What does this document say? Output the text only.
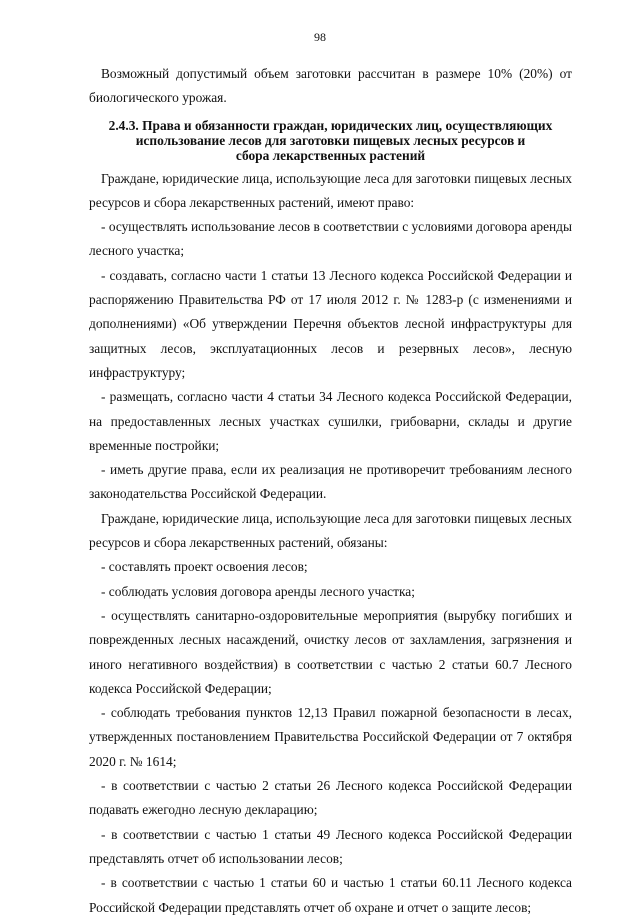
98

Возможный допустимый объем заготовки рассчитан в размере 10% (20%) от биологического урожая.

2.4.3. Права и обязанности граждан, юридических лиц, осуществляющих
использование лесов для заготовки пищевых лесных ресурсов и
сбора лекарственных растений

Граждане, юридические лица, использующие леса для заготовки пищевых лесных ресурсов и сбора лекарственных растений, имеют право:

- осуществлять использование лесов в соответствии с условиями договора аренды лесного участка;

- создавать, согласно части 1 статьи 13 Лесного кодекса Российской Федерации и распоряжению Правительства РФ от 17 июля 2012 г. № 1283-р (с изменениями и дополнениями) «Об утверждении Перечня объектов лесной инфраструктуры для защитных лесов, эксплуатационных лесов и резервных лесов», лесную инфраструктуру;

- размещать, согласно части 4 статьи 34 Лесного кодекса Российской Федерации, на предоставленных лесных участках сушилки, грибоварни, склады и другие временные постройки;

- иметь другие права, если их реализация не противоречит требованиям лесного законодательства Российской Федерации.

Граждане, юридические лица, использующие леса для заготовки пищевых лесных ресурсов и сбора лекарственных растений, обязаны:

- составлять проект освоения лесов;

- соблюдать условия договора аренды лесного участка;

- осуществлять санитарно-оздоровительные мероприятия (вырубку погибших и поврежденных лесных насаждений, очистку лесов от захламления, загрязнения и иного негативного воздействия) в соответствии с частью 2 статьи 60.7 Лесного кодекса Российской Федерации;

- соблюдать требования пунктов 12,13 Правил пожарной безопасности в лесах, утвержденных постановлением Правительства Российской Федерации от 7 октября 2020 г. № 1614;

- в соответствии с частью 2 статьи 26 Лесного кодекса Российской Федерации подавать ежегодно лесную декларацию;

- в соответствии с частью 1 статьи 49 Лесного кодекса Российской Федерации представлять отчет об использовании лесов;

- в соответствии с частью 1 статьи 60 и частью 1 статьи 60.11 Лесного кодекса Российской Федерации представлять отчет об охране и отчет о защите лесов;
